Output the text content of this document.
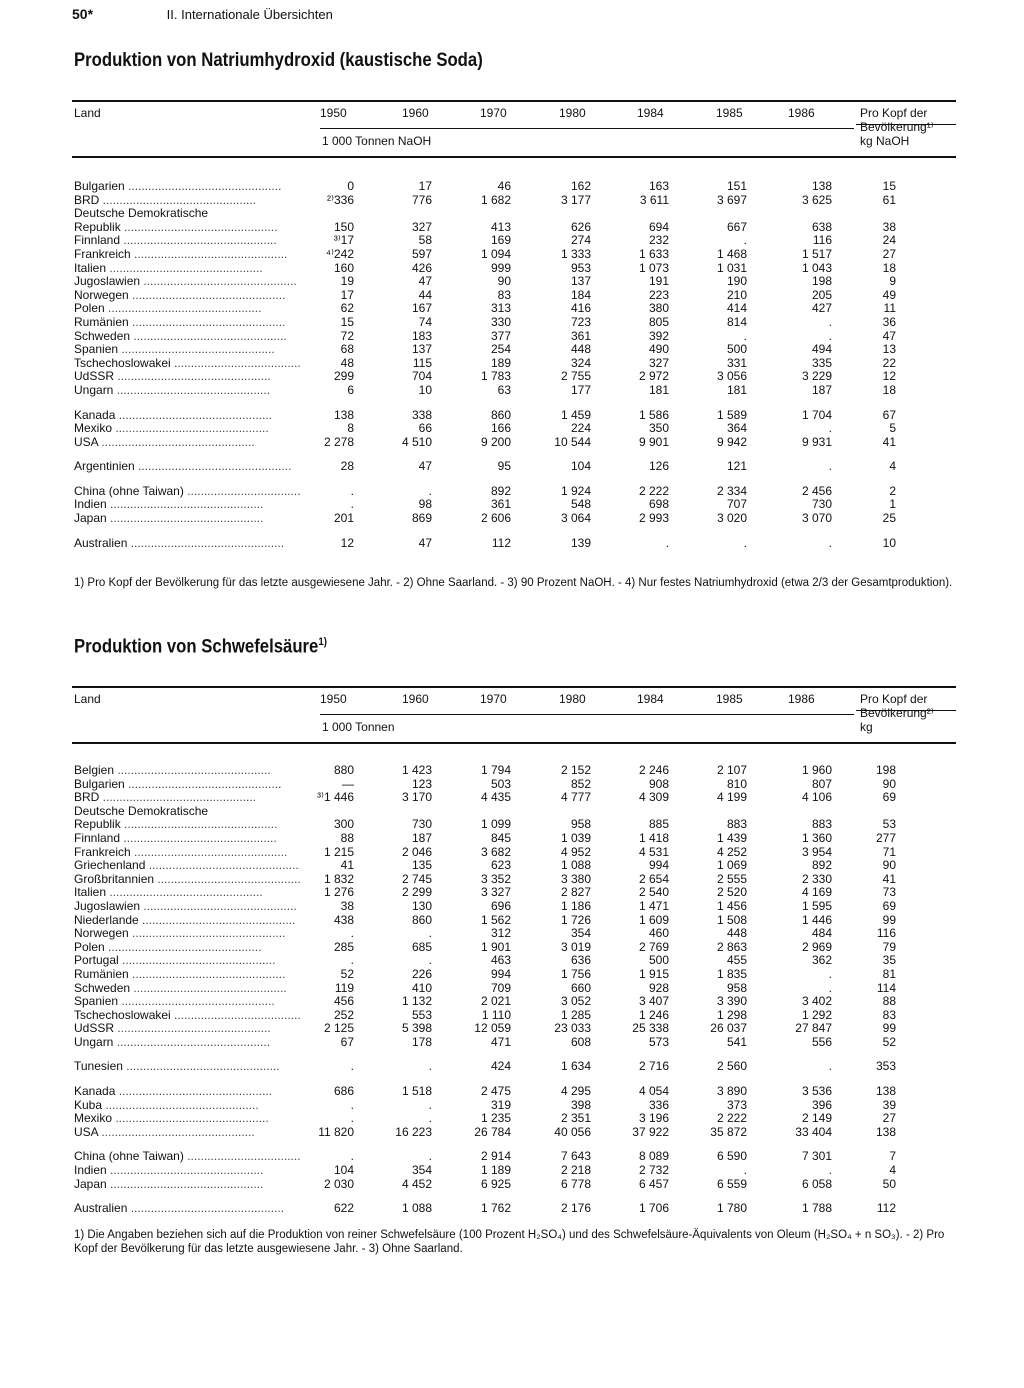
50*	II. Internationale Übersichten
Produktion von Natriumhydroxid (kaustische Soda)
Land	1950	1960	1970	1980	1984	1985	1986
1 000 Tonnen NaOH
Pro Kopf der
Bevölkerung¹⁾
kg NaOH
Bulgarien .....	0	17	46	162	163	151	138	15
BRD .....	²⁾336	776	1 682	3 177	3 611	3 697	3 625	61
Deutsche Demokratische
Republik .....	150	327	413	626	694	667	638	38
Finnland .....	³⁾17	58	169	274	232	.	116	24
Frankreich .....	⁴⁾242	597	1 094	1 333	1 633	1 468	1 517	27
Italien .....	160	426	999	953	1 073	1 031	1 043	18
Jugoslawien .....	19	47	90	137	191	190	198	9
Norwegen .....	17	44	83	184	223	210	205	49
Polen .....	62	167	313	416	380	414	427	11
Rumänien .....	15	74	330	723	805	814	.	36
Schweden .....	72	183	377	361	392	.	.	47
Spanien .....	68	137	254	448	490	500	494	13
Tschechoslowakei .....	48	115	189	324	327	331	335	22
UdSSR .....	299	704	1 783	2 755	2 972	3 056	3 229	12
Ungarn .....	6	10	63	177	181	181	187	18
Kanada .....	138	338	860	1 459	1 586	1 589	1 704	67
Mexiko .....	8	66	166	224	350	364	.	5
USA .....	2 278	4 510	9 200	10 544	9 901	9 942	9 931	41
Argentinien .....	28	47	95	104	126	121	.	4
China (ohne Taiwan) .....	.	.	892	1 924	2 222	2 334	2 456	2
Indien .....	.	98	361	548	698	707	730	1
Japan .....	201	869	2 606	3 064	2 993	3 020	3 070	25
Australien .....	12	47	112	139	.	.	.	10
1) Pro Kopf der Bevölkerung für das letzte ausgewiesene Jahr. - 2) Ohne Saarland. - 3) 90 Prozent NaOH. - 4) Nur festes Natriumhydroxid (etwa 2/3 der Gesamtproduktion).
Produktion von Schwefelsäure$^{1)}$
Land	1950	1960	1970	1980	1984	1985	1986
1 000 Tonnen
Pro Kopf der
Bevölkerung²⁾
kg
Belgien .....	880	1 423	1 794	2 152	2 246	2 107	1 960	198
Bulgarien .....	—	123	503	852	908	810	807	90
BRD .....	³⁾1 446	3 170	4 435	4 777	4 309	4 199	4 106	69
Deutsche Demokratische
Republik .....	300	730	1 099	958	885	883	883	53
Finnland .....	88	187	845	1 039	1 418	1 439	1 360	277
Frankreich .....	1 215	2 046	3 682	4 952	4 531	4 252	3 954	71
Griechenland .....	41	135	623	1 088	994	1 069	892	90
Großbritannien .....	1 832	2 745	3 352	3 380	2 654	2 555	2 330	41
Italien .....	1 276	2 299	3 327	2 827	2 540	2 520	4 169	73
Jugoslawien .....	38	130	696	1 186	1 471	1 456	1 595	69
Niederlande .....	438	860	1 562	1 726	1 609	1 508	1 446	99
Norwegen .....	.	.	312	354	460	448	484	116
Polen .....	285	685	1 901	3 019	2 769	2 863	2 969	79
Portugal .....	.	.	463	636	500	455	362	35
Rumänien .....	52	226	994	1 756	1 915	1 835	.	81
Schweden .....	119	410	709	660	928	958	.	114
Spanien .....	456	1 132	2 021	3 052	3 407	3 390	3 402	88
Tschechoslowakei .....	252	553	1 110	1 285	1 246	1 298	1 292	83
UdSSR .....	2 125	5 398	12 059	23 033	25 338	26 037	27 847	99
Ungarn .....	67	178	471	608	573	541	556	52
Tunesien .....	.	.	424	1 634	2 716	2 560	.	353
Kanada .....	686	1 518	2 475	4 295	4 054	3 890	3 536	138
Kuba .....	.	.	319	398	336	373	396	39
Mexiko .....	.	.	1 235	2 351	3 196	2 222	2 149	27
USA .....	11 820	16 223	26 784	40 056	37 922	35 872	33 404	138
China (ohne Taiwan) .....	.	.	2 914	7 643	8 089	6 590	7 301	7
Indien .....	104	354	1 189	2 218	2 732	.	.	4
Japan .....	2 030	4 452	6 925	6 778	6 457	6 559	6 058	50
Australien .....	622	1 088	1 762	2 176	1 706	1 780	1 788	112
1) Die Angaben beziehen sich auf die Produktion von reiner Schwefelsäure (100 Prozent H₂SO₄) und des Schwefelsäure-Äquivalents von Oleum (H₂SO₄ + n SO₃). - 2) Pro Kopf der Bevölkerung für das letzte ausgewiesene Jahr. - 3) Ohne Saarland.
